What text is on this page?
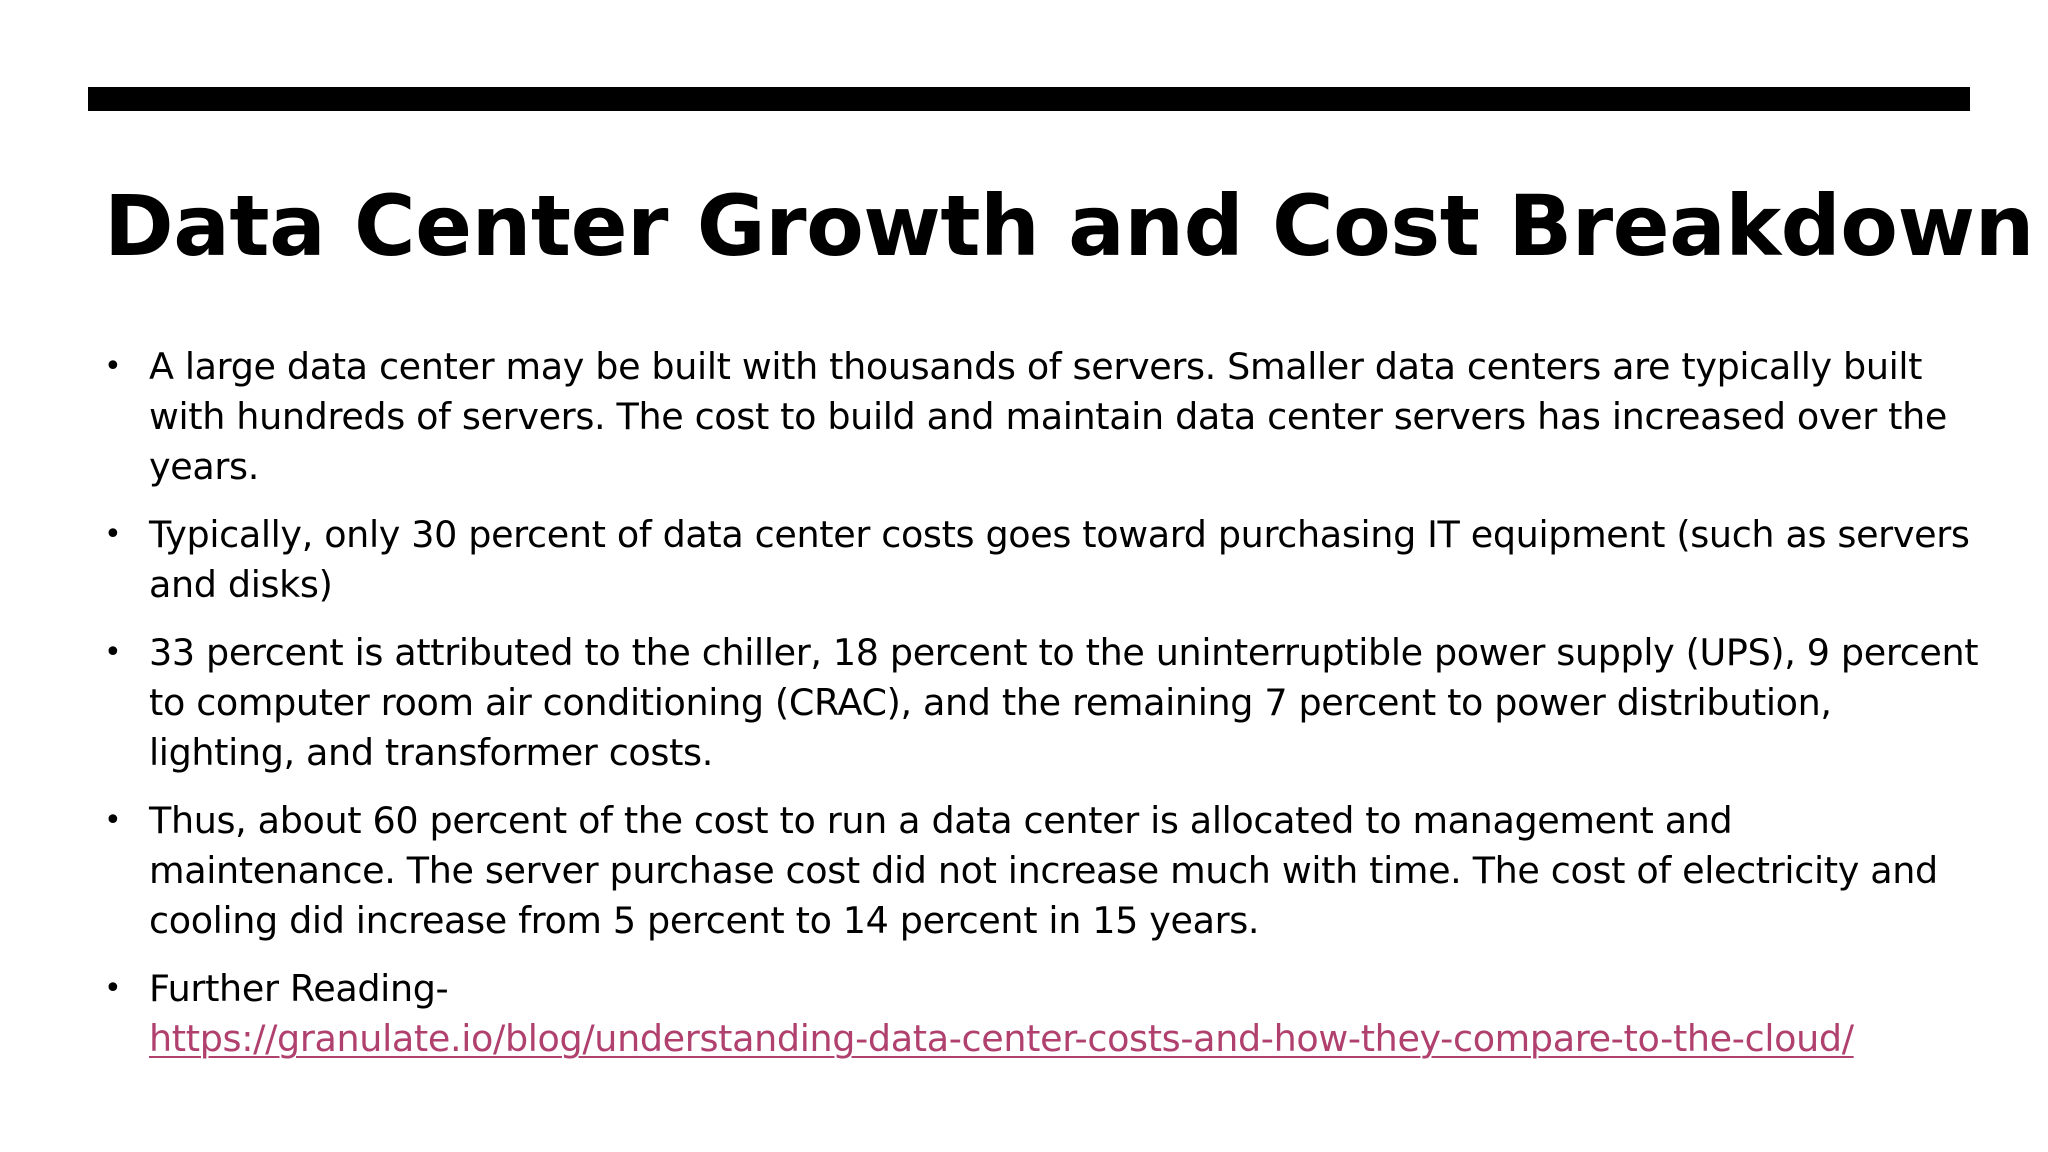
Data Center Growth and Cost Breakdown
• A large data center may be built with thousands of servers. Smaller data centers are typically built with hundreds of servers. The cost to build and maintain data center servers has increased over the years.
• Typically, only 30 percent of data center costs goes toward purchasing IT equipment (such as servers and disks)
• 33 percent is attributed to the chiller, 18 percent to the uninterruptible power supply (UPS), 9 percent to computer room air conditioning (CRAC), and the remaining 7 percent to power distribution, lighting, and transformer costs.
• Thus, about 60 percent of the cost to run a data center is allocated to management and maintenance. The server purchase cost did not increase much with time. The cost of electricity and cooling did increase from 5 percent to 14 percent in 15 years.
• Further Reading-
https://granulate.io/blog/understanding-data-center-costs-and-how-they-compare-to-the-cloud/
